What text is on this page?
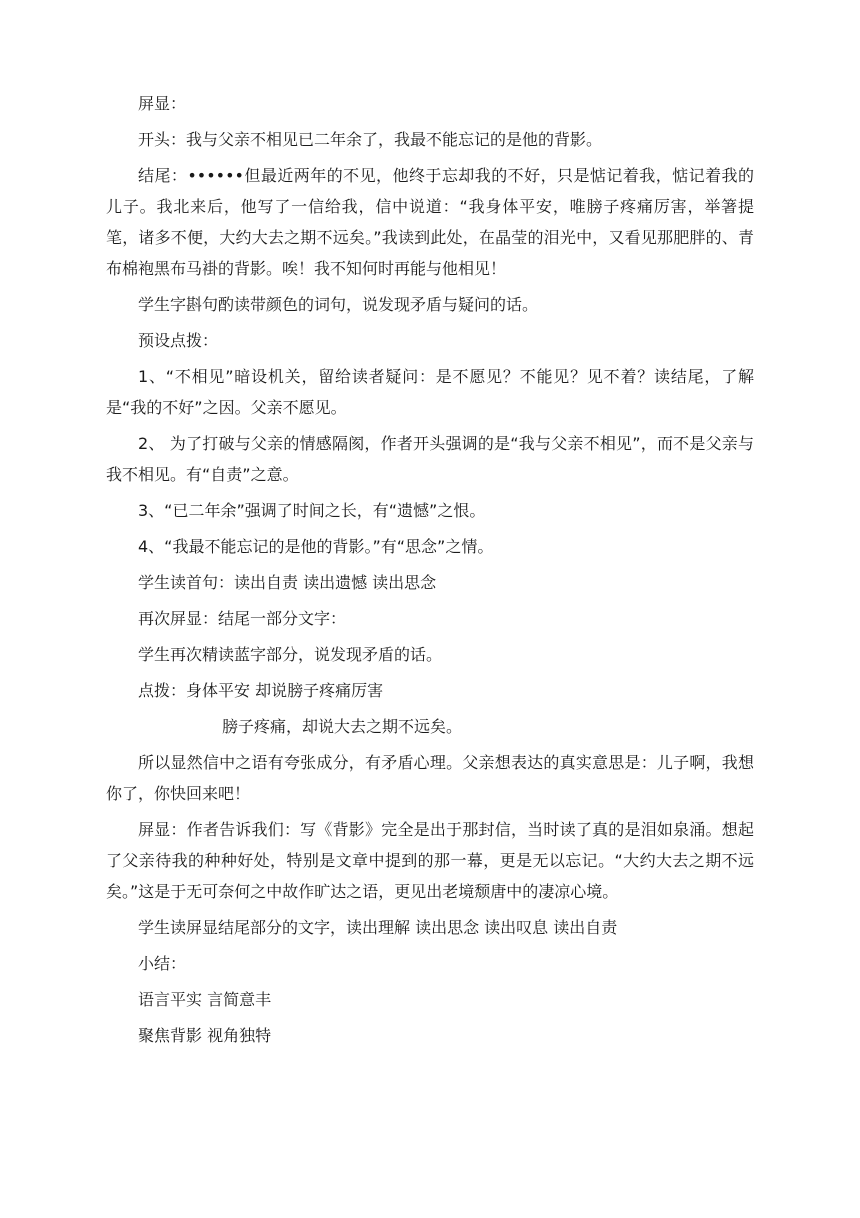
屏显：

开头：我与父亲不相见已二年余了，我最不能忘记的是他的背影。

结尾：••••••但最近两年的不见，他终于忘却我的不好，只是惦记着我，惦记着我的儿子。我北来后，他写了一信给我，信中说道：“我身体平安，唯膀子疼痛厉害，举箸提笔，诸多不便，大约大去之期不远矣。”我读到此处，在晶莹的泪光中，又看见那肥胖的、青布棉袍黑布马褂的背影。唉！我不知何时再能与他相见！

学生字斟句酌读带颜色的词句，说发现矛盾与疑问的话。

预设点拨：

1、“不相见”暗设机关，留给读者疑问：是不愿见？不能见？见不着？读结尾，了解是“我的不好”之因。父亲不愿见。

2、 为了打破与父亲的情感隔阂，作者开头强调的是“我与父亲不相见”，而不是父亲与我不相见。有“自责”之意。

3、“已二年余”强调了时间之长，有“遗憾”之恨。

4、“我最不能忘记的是他的背影。”有“思念”之情。

学生读首句：读出自责 读出遗憾 读出思念

再次屏显：结尾一部分文字：

学生再次精读蓝字部分，说发现矛盾的话。

点拨：身体平安 却说膀子疼痛厉害

膀子疼痛，却说大去之期不远矣。

所以显然信中之语有夸张成分，有矛盾心理。父亲想表达的真实意思是：儿子啊，我想你了，你快回来吧！

屏显：作者告诉我们：写《背影》完全是出于那封信，当时读了真的是泪如泉涌。想起了父亲待我的种种好处，特别是文章中提到的那一幕，更是无以忘记。“大约大去之期不远矣。”这是于无可奈何之中故作旷达之语，更见出老境颓唐中的凄凉心境。

学生读屏显结尾部分的文字，读出理解 读出思念 读出叹息 读出自责

小结：

语言平实 言简意丰

聚焦背影 视角独特
